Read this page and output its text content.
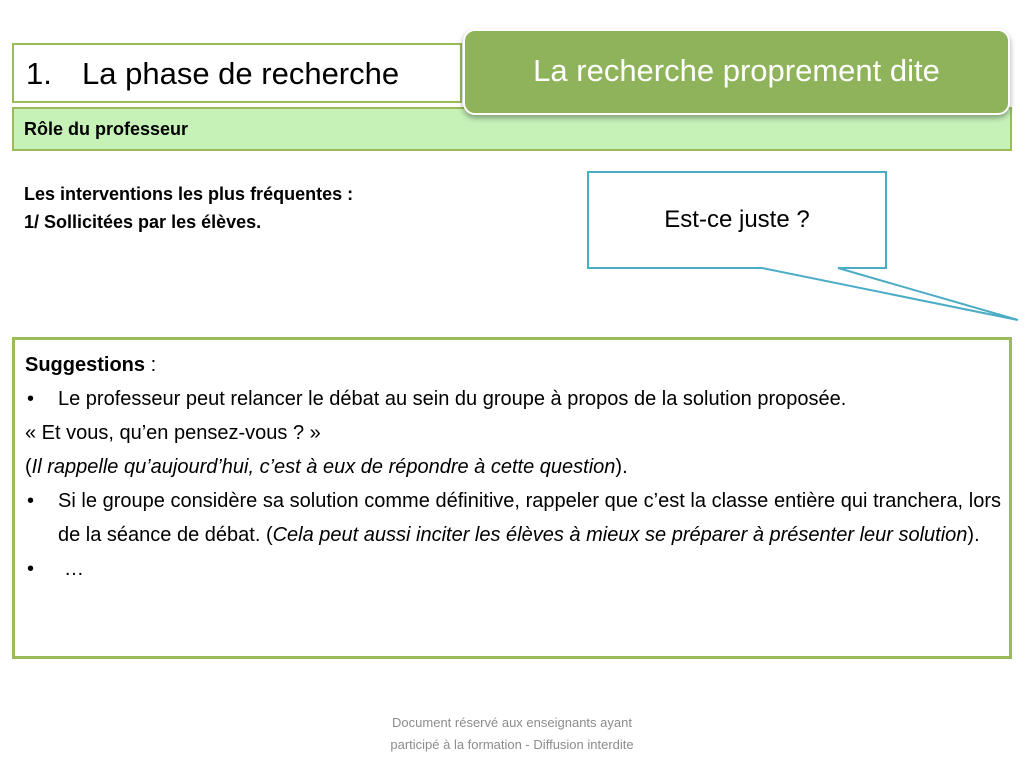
1. La phase de recherche
Rôle du professeur
La recherche proprement dite
Les interventions les plus fréquentes :
1/ Sollicitées par les élèves.	Est-ce juste ?

Suggestions :

• Le professeur peut relancer le débat au sein du groupe à propos de la solution proposée.

« Et vous, qu’en pensez-vous ? »

(Il rappelle qu’aujourd’hui, c’est à eux de répondre à cette question).

• Si le groupe considère sa solution comme définitive, rappeler que c’est la classe entière qui tranchera, lors de la séance de débat. (Cela peut aussi inciter les élèves à mieux se préparer à présenter leur solution).

• …

Document réservé aux enseignants ayant
participé à la formation - Diffusion interdite
